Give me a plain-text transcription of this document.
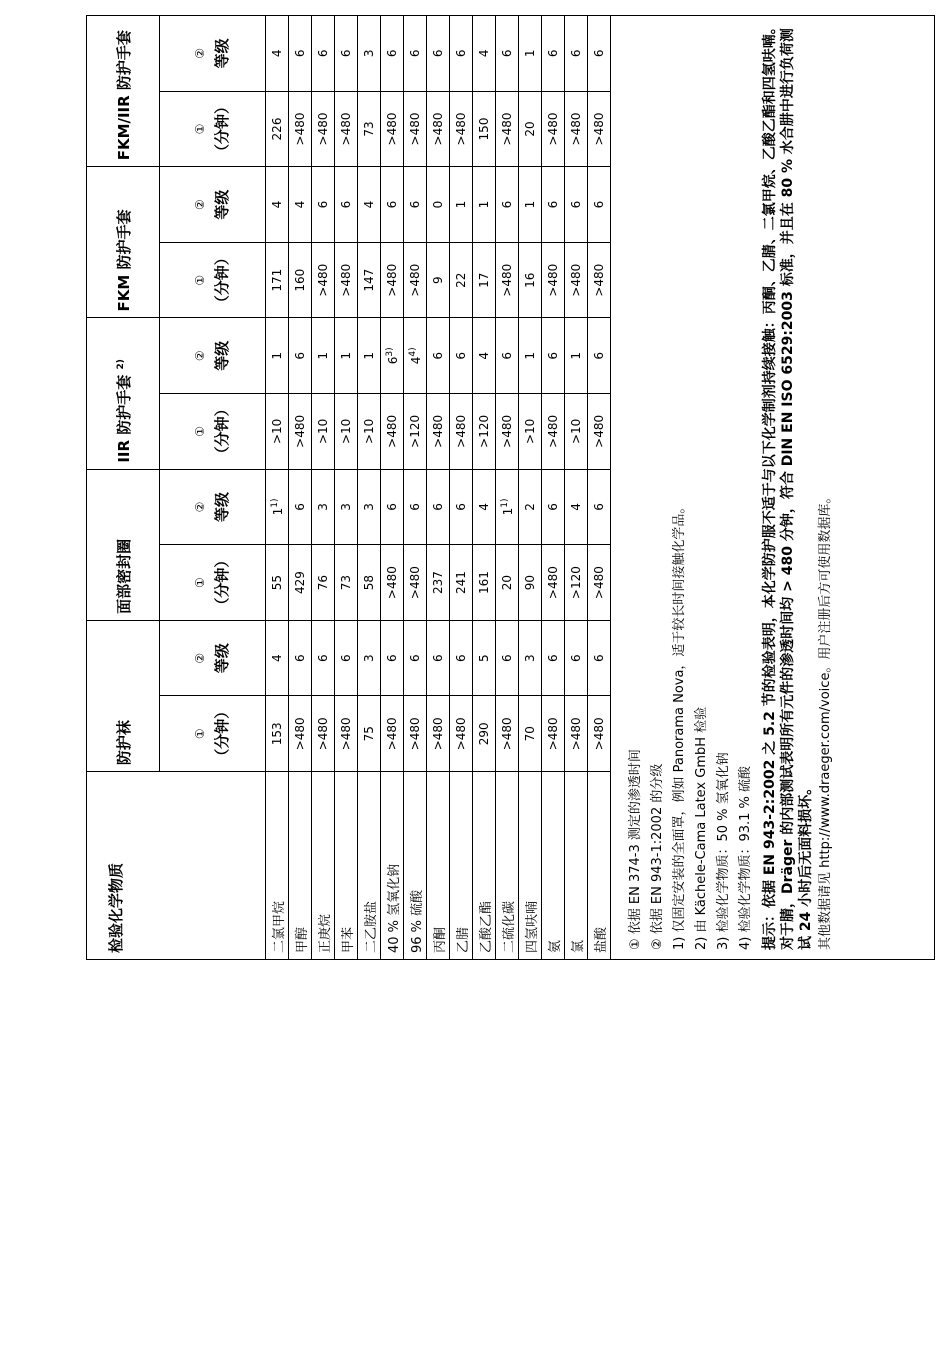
检验化学物质	防护袜		面部密封圈		IIR 防护手套 $^{2)}$		FKM 防护手套		FKM/IIR 防护手套	

	① （分钟）	② 等级	① （分钟）	② 等级	① （分钟）	② 等级	① （分钟）	② 等级	① （分钟）	② 等级

二氯甲烷	153	4	55	$1^{1)}$	>10	1	171	4	226	4
甲醇	>480	6	429	6	>480	6	160	4	>480	6
正庚烷	>480	6	76	3	>10	1	>480	6	>480	6
甲苯	>480	6	73	3	>10	1	>480	6	>480	6
二乙胺盐	75	3	58	3	>10	1	147	4	73	3
40 % 氢氧化钠	>480	6	>480	6	>480	$6^{3)}$	>480	6	>480	6
96 % 硫酸	>480	6	>480	6	>120	$4^{4)}$	>480	6	>480	6
丙酮	>480	6	237	6	>480	6	9	0	>480	6
乙腈	>480	6	241	6	>480	6	22	1	>480	6
乙酸乙酯	290	5	161	4	>120	4	17	1	150	4
二硫化碳	>480	6	20	$1^{1)}$	>480	6	>480	6	>480	6
四氢呋喃	70	3	90	2	>10	1	16	1	20	1
氨	>480	6	>480	6	>480	6	>480	6	>480	6
氯	>480	6	>120	4	>10	1	>480	6	>480	6
盐酸	>480	6	>480	6	>480	6	>480	6	>480	6

① 依据 EN 374-3 测定的渗透时间 ② 依据 EN 943-1:2002 的分级 1) 仅固定安装的全面罩，例如 Panorama Nova，适于较长时间接触化学品。 2) 由 Kächele-Cama Latex GmbH 检验 3) 检验化学物质：50 % 氢氧化钠 4) 检验化学物质：93.1 % 硫酸 提示：依据 EN 943-2:2002 之 5.2 节的检验表明，本化学防护服不适于与以下化学制剂持续接触：丙酮、乙腈、二氯甲烷、乙酸乙酯和四氢呋喃。对于腈，Dräger 的内部测试表明所有元件的渗透时间均 > 480 分钟，符合 DIN EN ISO 6529:2003 标准，并且在 80 % 水合肼中进行负荷测试 24 小时后无面料损坏。 其他数据请见 http://www.draeger.com/voice。用户注册后方可使用数据库。
